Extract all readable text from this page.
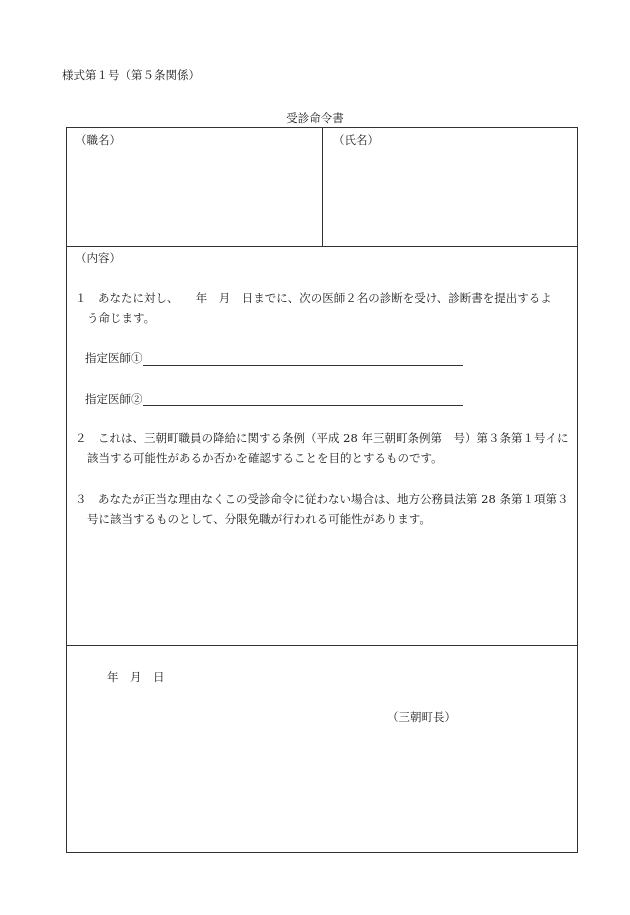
様式第１号（第５条関係）
受診命令書
（職名）	（氏名）
（内容）
１　あなたに対し、　　年　月　日までに、次の医師２名の診断を受け、診断書を提出するよ
う命じます。
指定医師①
指定医師②
２　これは、三朝町職員の降給に関する条例（平成 28 年三朝町条例第　号）第３条第１号イに
該当する可能性があるか否かを確認することを目的とするものです。
３　あなたが正当な理由なくこの受診命令に従わない場合は、地方公務員法第 28 条第１項第３
号に該当するものとして、分限免職が行われる可能性があります。
年　月　日
（三朝町長）
